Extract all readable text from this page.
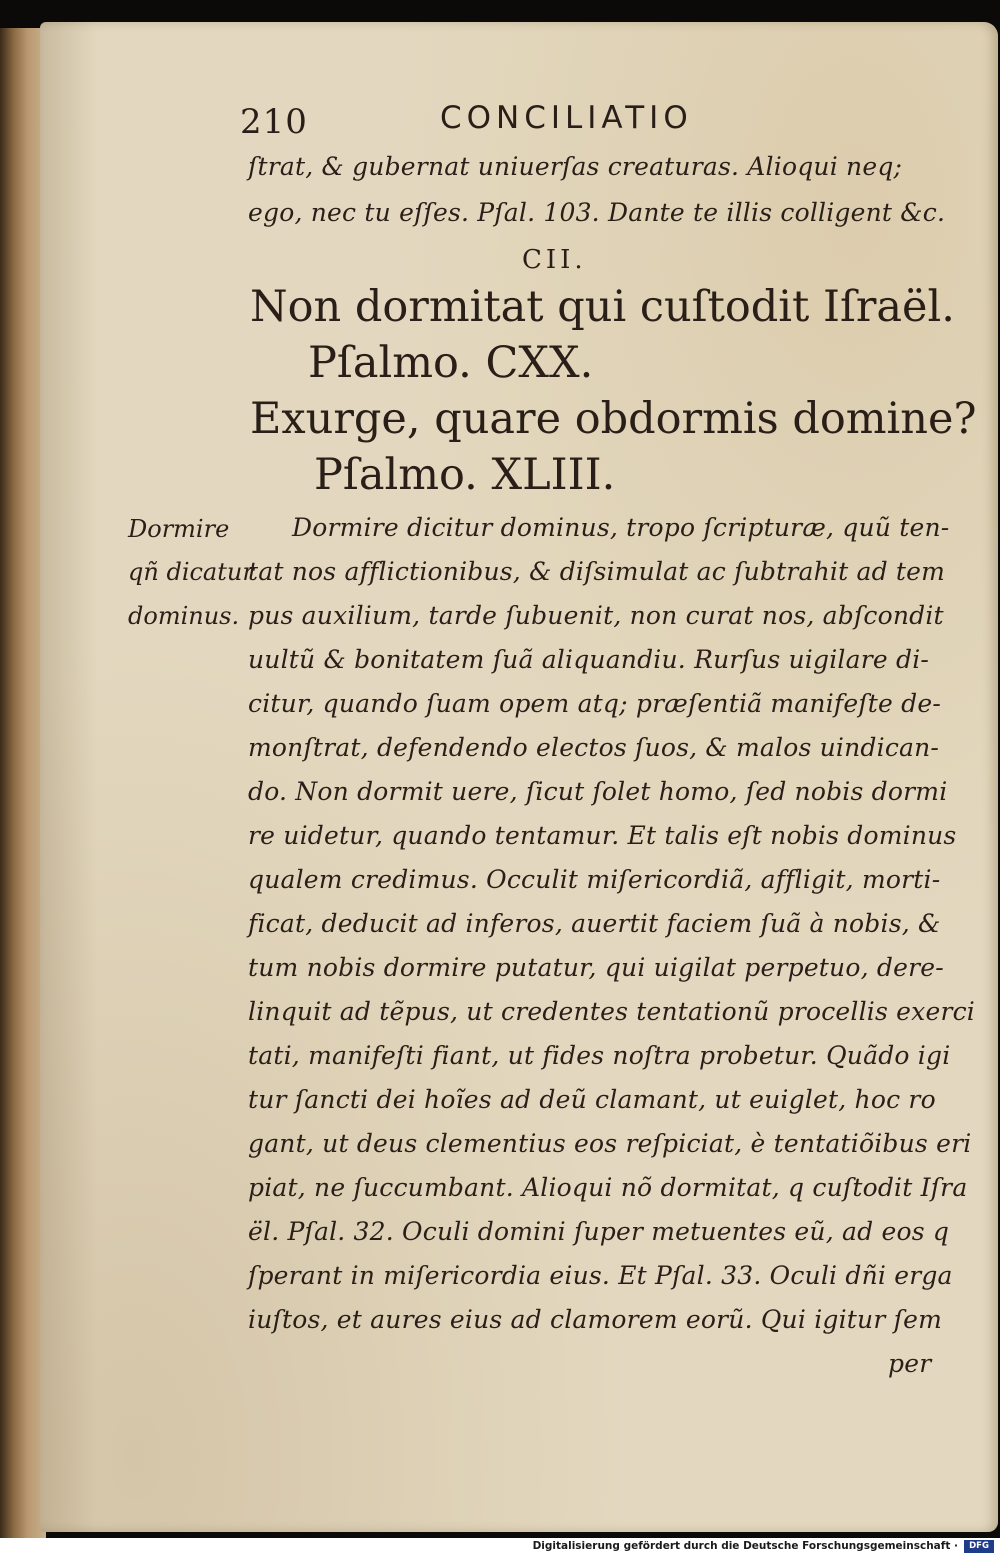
210	CONCILIATIO
ſtrat, & gubernat uniuerſas creaturas. Alioqui neq;
ego, nec tu eſſes. Pſal. 103. Dante te illis colligent &c.
CII.
Non dormitat qui cuſtodit Iſraël.
Pſalmo. CXX.
Exurge, quare obdormis domine?
Pſalmo. XLIII.
Dormire
qñ dicatur
dominus.
Dormire dicitur dominus, tropo ſcripturæ, quũ ten-
tat nos afflictionibus, & diſsimulat ac ſubtrahit ad tem
pus auxilium, tarde ſubuenit, non curat nos, abſcondit
uultũ & bonitatem ſuã aliquandiu. Rurſus uigilare di-
citur, quando ſuam opem atq; præſentiã manifeſte de-
monſtrat, defendendo electos ſuos, & malos uindican-
do. Non dormit uere, ſicut ſolet homo, ſed nobis dormi
re uidetur, quando tentamur. Et talis eſt nobis dominus
qualem credimus. Occulit miſericordiã, affligit, morti-
ficat, deducit ad inferos, auertit faciem ſuã à nobis, &
tum nobis dormire putatur, qui uigilat perpetuo, dere-
linquit ad tẽpus, ut credentes tentationũ procellis exerci
tati, manifeſti fiant, ut fides noſtra probetur. Quãdo igi
tur ſancti dei hoĩes ad deũ clamant, ut euiglet, hoc ro
gant, ut deus clementius eos reſpiciat, è tentatiõibus eri
piat, ne ſuccumbant. Alioqui nõ dormitat, q cuſtodit Iſra
ël. Pſal. 32. Oculi domini ſuper metuentes eũ, ad eos q
ſperant in miſericordia eius. Et Pſal. 33. Oculi dñi erga
iuſtos, et aures eius ad clamorem eorũ. Qui igitur ſem
per
Digitalisierung gefördert durch die Deutsche Forschungsgemeinschaft ·	DFG
